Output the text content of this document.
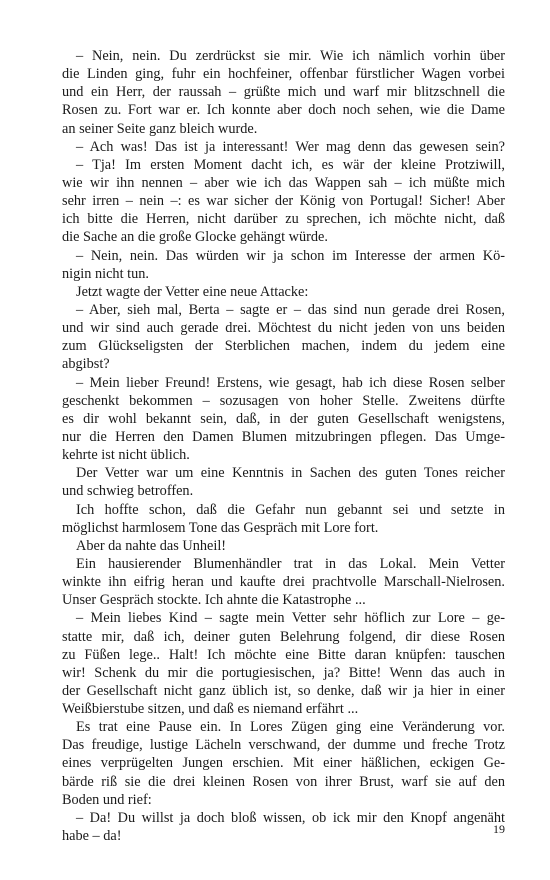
– Nein, nein. Du zerdrückst sie mir. Wie ich nämlich vorhin über
die Linden ging, fuhr ein hochfeiner, offenbar fürstlicher Wagen vorbei
und ein Herr, der raussah – grüßte mich und warf mir blitzschnell die
Rosen zu. Fort war er. Ich konnte aber doch noch sehen, wie die Dame
an seiner Seite ganz bleich wurde.
– Ach was! Das ist ja interessant! Wer mag denn das gewesen sein?
– Tja! Im ersten Moment dacht ich, es wär der kleine Protziwill,
wie wir ihn nennen – aber wie ich das Wappen sah – ich müßte mich
sehr irren – nein –: es war sicher der König von Portugal! Sicher! Aber
ich bitte die Herren, nicht darüber zu sprechen, ich möchte nicht, daß
die Sache an die große Glocke gehängt würde.
– Nein, nein. Das würden wir ja schon im Interesse der armen Kö-
nigin nicht tun.
Jetzt wagte der Vetter eine neue Attacke:
– Aber, sieh mal, Berta – sagte er – das sind nun gerade drei Rosen,
und wir sind auch gerade drei. Möchtest du nicht jeden von uns beiden
zum Glückseligsten der Sterblichen machen, indem du jedem eine
abgibst?
– Mein lieber Freund! Erstens, wie gesagt, hab ich diese Rosen selber
geschenkt bekommen – sozusagen von hoher Stelle. Zweitens dürfte
es dir wohl bekannt sein, daß, in der guten Gesellschaft wenigstens,
nur die Herren den Damen Blumen mitzubringen pflegen. Das Umge-
kehrte ist nicht üblich.
Der Vetter war um eine Kenntnis in Sachen des guten Tones reicher
und schwieg betroffen.
Ich hoffte schon, daß die Gefahr nun gebannt sei und setzte in
möglichst harmlosem Tone das Gespräch mit Lore fort.
Aber da nahte das Unheil!
Ein hausierender Blumenhändler trat in das Lokal. Mein Vetter
winkte ihn eifrig heran und kaufte drei prachtvolle Marschall-Nielrosen.
Unser Gespräch stockte. Ich ahnte die Katastrophe ...
– Mein liebes Kind – sagte mein Vetter sehr höflich zur Lore – ge-
statte mir, daß ich, deiner guten Belehrung folgend, dir diese Rosen
zu Füßen lege.. Halt! Ich möchte eine Bitte daran knüpfen: tauschen
wir! Schenk du mir die portugiesischen, ja? Bitte! Wenn das auch in
der Gesellschaft nicht ganz üblich ist, so denke, daß wir ja hier in einer
Weißbierstube sitzen, und daß es niemand erfährt ...
Es trat eine Pause ein. In Lores Zügen ging eine Veränderung vor.
Das freudige, lustige Lächeln verschwand, der dumme und freche Trotz
eines verprügelten Jungen erschien. Mit einer häßlichen, eckigen Ge-
bärde riß sie die drei kleinen Rosen von ihrer Brust, warf sie auf den
Boden und rief:
– Da! Du willst ja doch bloß wissen, ob ick mir den Knopf angenäht
habe – da!	19
